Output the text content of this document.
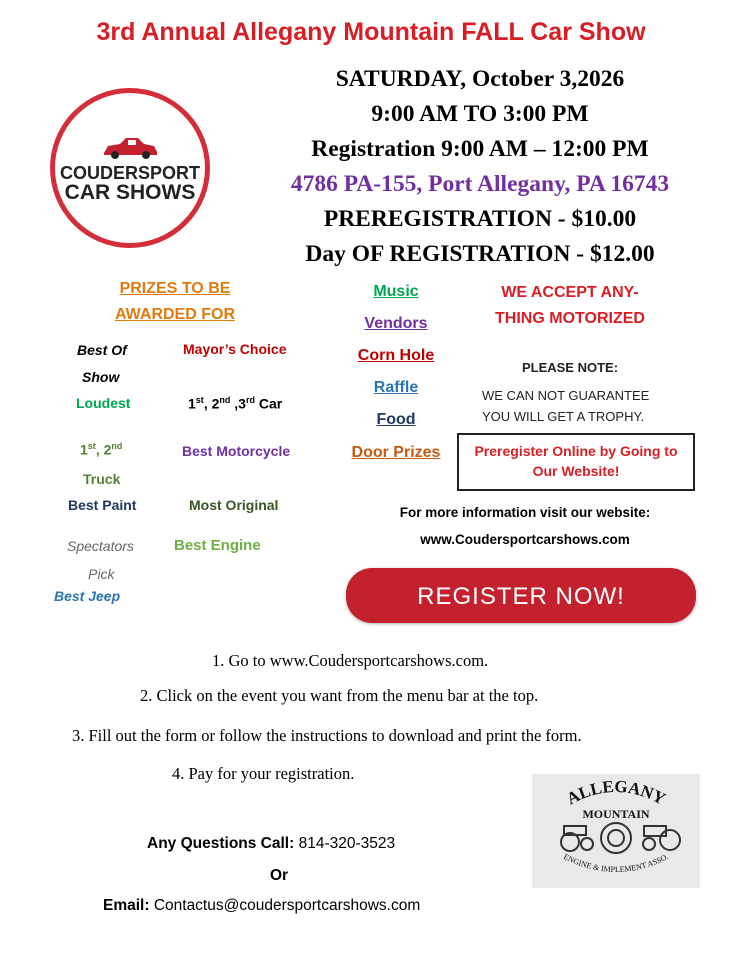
3rd Annual Allegany Mountain FALL Car Show
COUDERSPORT
CAR SHOWS
SATURDAY, October 3,2026
9:00 AM TO 3:00 PM
Registration 9:00 AM – 12:00 PM
4786 PA-155, Port Allegany, PA 16743
PREREGISTRATION - $10.00
Day OF REGISTRATION - $12.00
PRIZES TO BE
AWARDED FOR
Best Of
Show
Loudest
1st, 2nd
Truck
Best Paint
Spectators
Pick
Best Jeep
Mayor’s Choice
1st, 2nd ,3rd Car
Best Motorcycle
Most Original
Best Engine
Music
Vendors
Corn Hole
Raffle
Food
Door Prizes
WE ACCEPT ANY-
THING MOTORIZED
PLEASE NOTE:
WE CAN NOT GUARANTEE
YOU WILL GET A TROPHY.
Preregister Online by Going to
Our Website!
For more information visit our website:
www.Coudersportcarshows.com
REGISTER NOW!
1. Go to www.Coudersportcarshows.com.
2. Click on the event you want from the menu bar at the top.
3. Fill out the form or follow the instructions to download and print the form.
4. Pay for your registration.
Any Questions Call: 814-320-3523
Or
Email: Contactus@coudersportcarshows.com
ALLEGANY
MOUNTAIN
ENGINE & IMPLEMENT ASSO.
